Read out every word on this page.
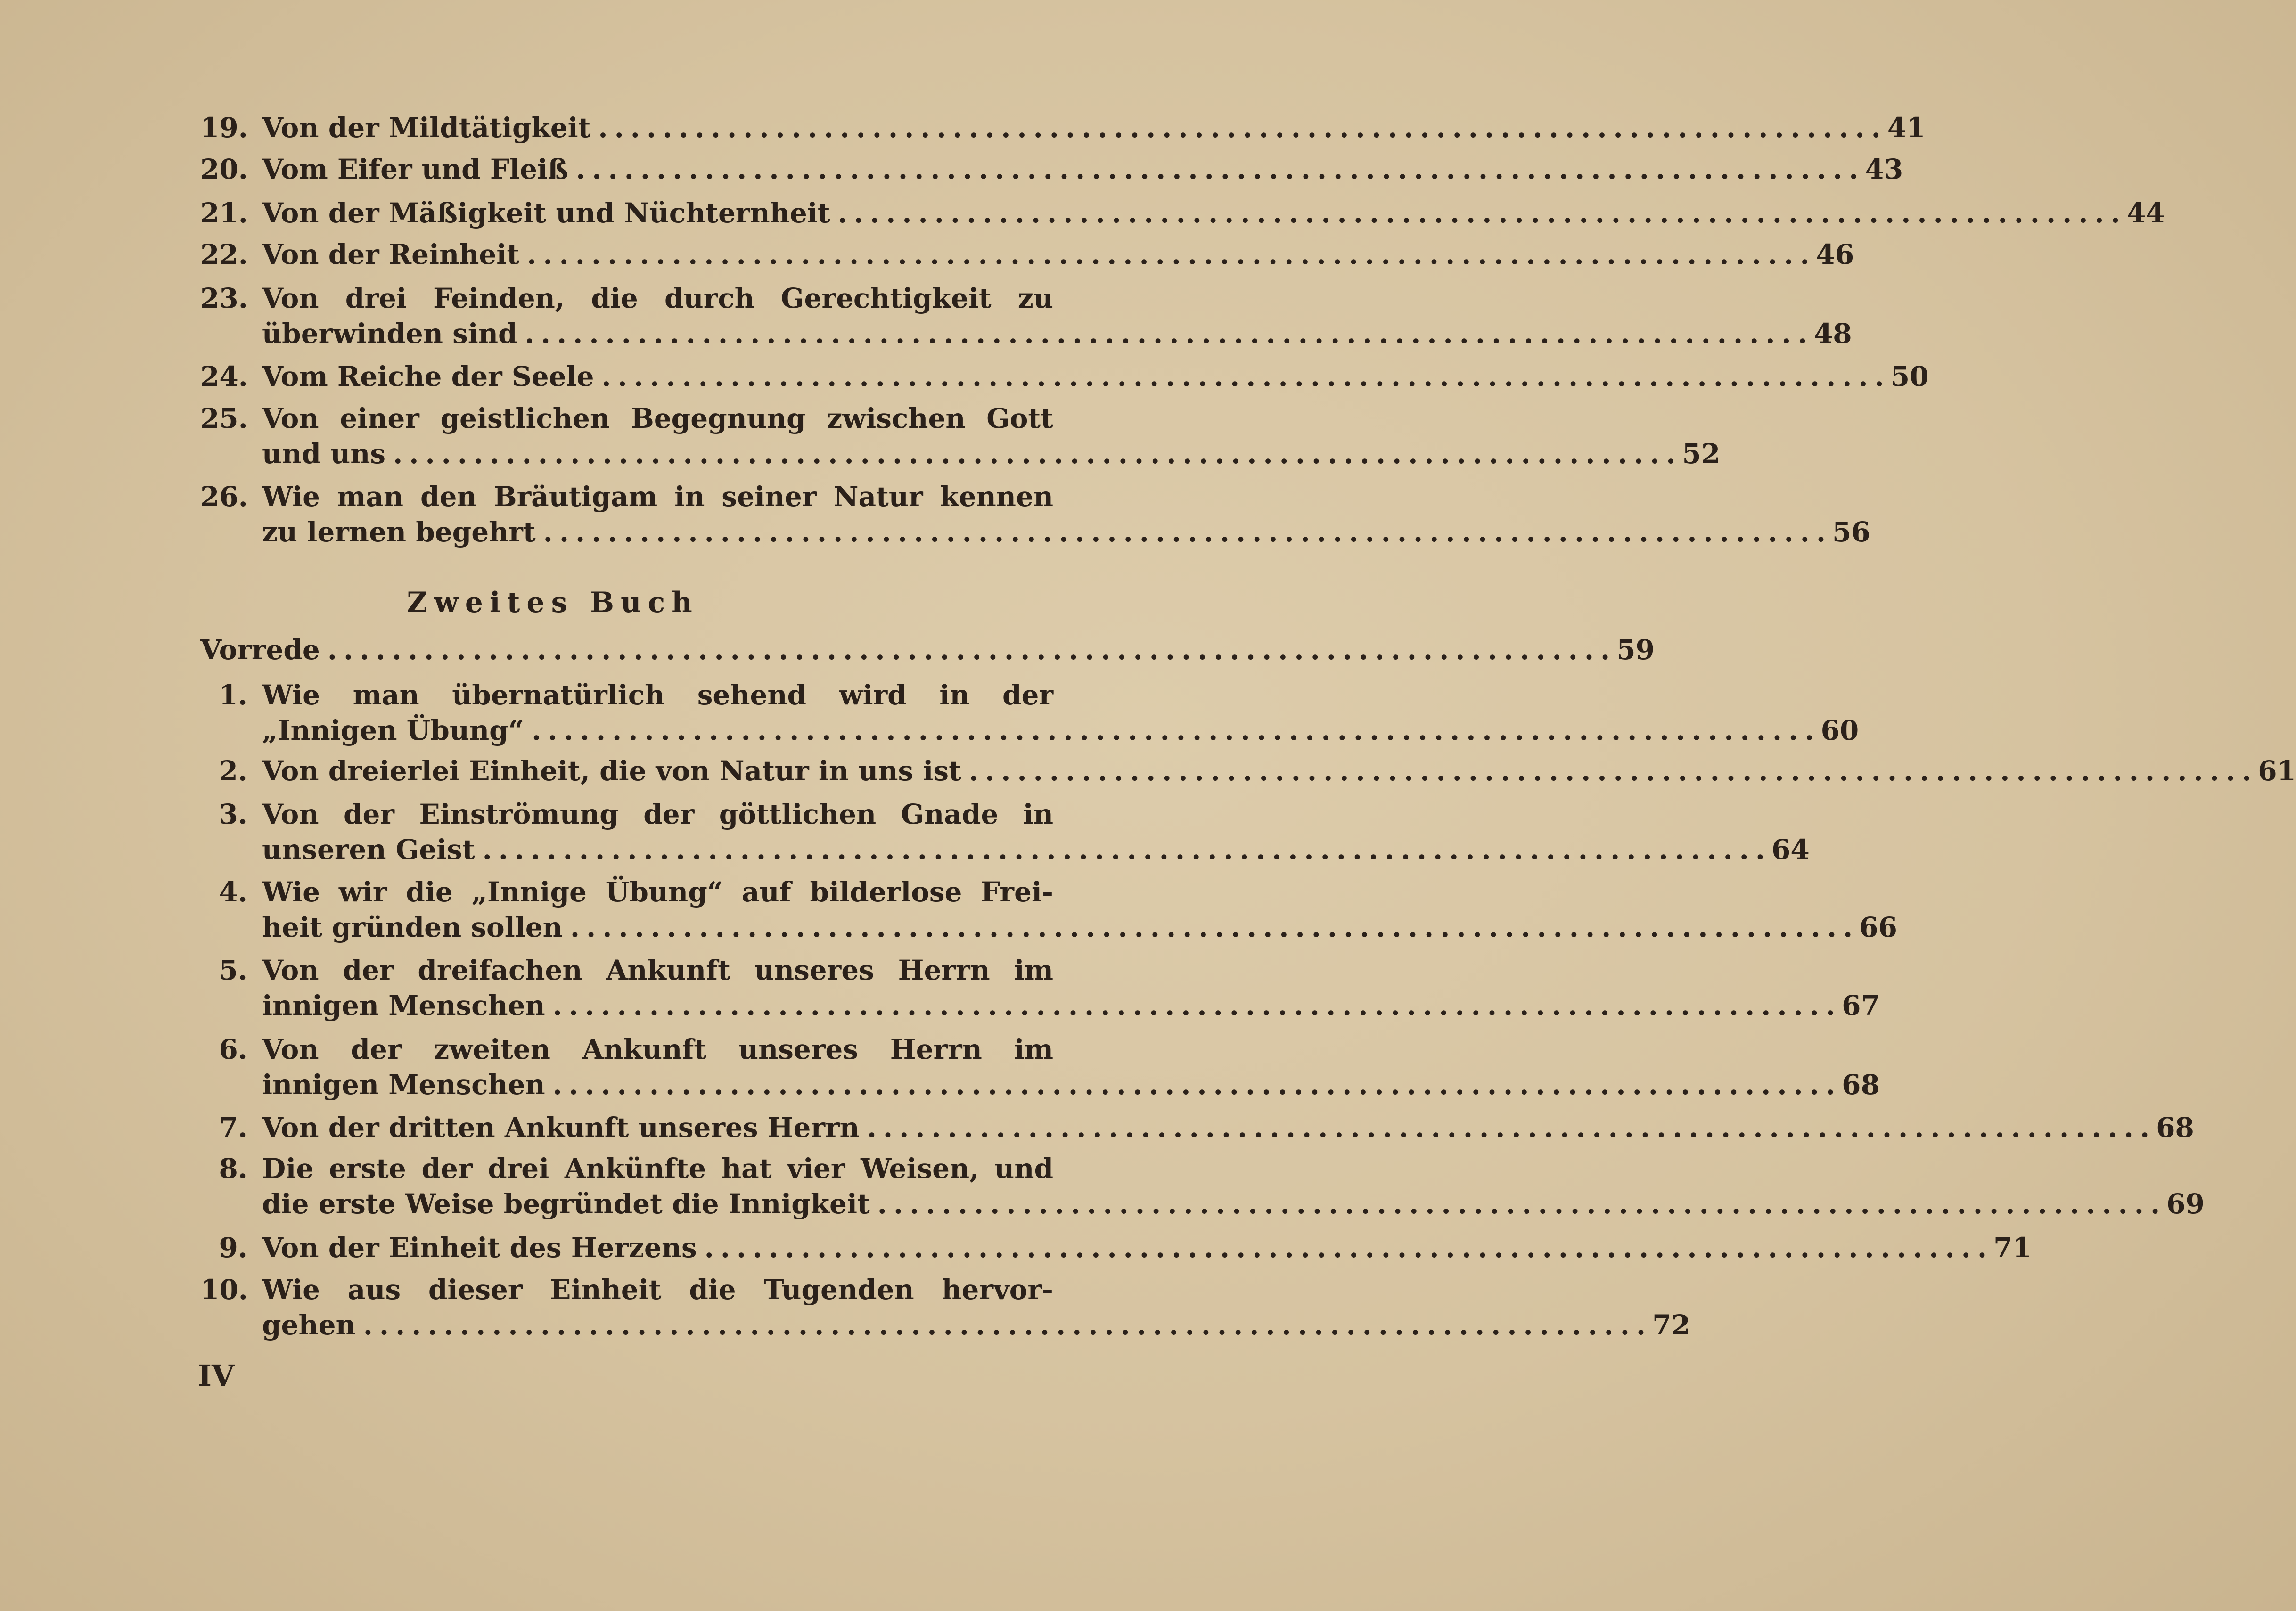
19. Von der Mildtätigkeit ................................................................................ 41
20. Vom Eifer und Fleiß ................................................................................ 43
21. Von der Mäßigkeit und Nüchternheit ................................................................................ 44
22. Von der Reinheit ................................................................................ 46
23. Von drei Feinden, die durch Gerechtigkeit zu
überwinden sind ................................................................................ 48
24. Vom Reiche der Seele ................................................................................ 50
25. Von einer geistlichen Begegnung zwischen Gott
und uns ................................................................................ 52
26. Wie man den Bräutigam in seiner Natur kennen
zu lernen begehrt ................................................................................ 56
Vorrede ................................................................................ 59
1. Wie man übernatürlich sehend wird in der
„Innigen Übung“ ................................................................................ 60
2. Von dreierlei Einheit, die von Natur in uns ist ................................................................................ 61
3. Von der Einströmung der göttlichen Gnade in
unseren Geist ................................................................................ 64
4. Wie wir die „Innige Übung“ auf bilderlose Frei-
heit gründen sollen ................................................................................ 66
5. Von der dreifachen Ankunft unseres Herrn im
innigen Menschen ................................................................................ 67
6. Von der zweiten Ankunft unseres Herrn im
innigen Menschen ................................................................................ 68
7. Von der dritten Ankunft unseres Herrn ................................................................................ 68
8. Die erste der drei Ankünfte hat vier Weisen, und
die erste Weise begründet die Innigkeit ................................................................................ 69
9. Von der Einheit des Herzens ................................................................................ 71
10. Wie aus dieser Einheit die Tugenden hervor-
gehen ................................................................................ 72
Zweites Buch
IV
